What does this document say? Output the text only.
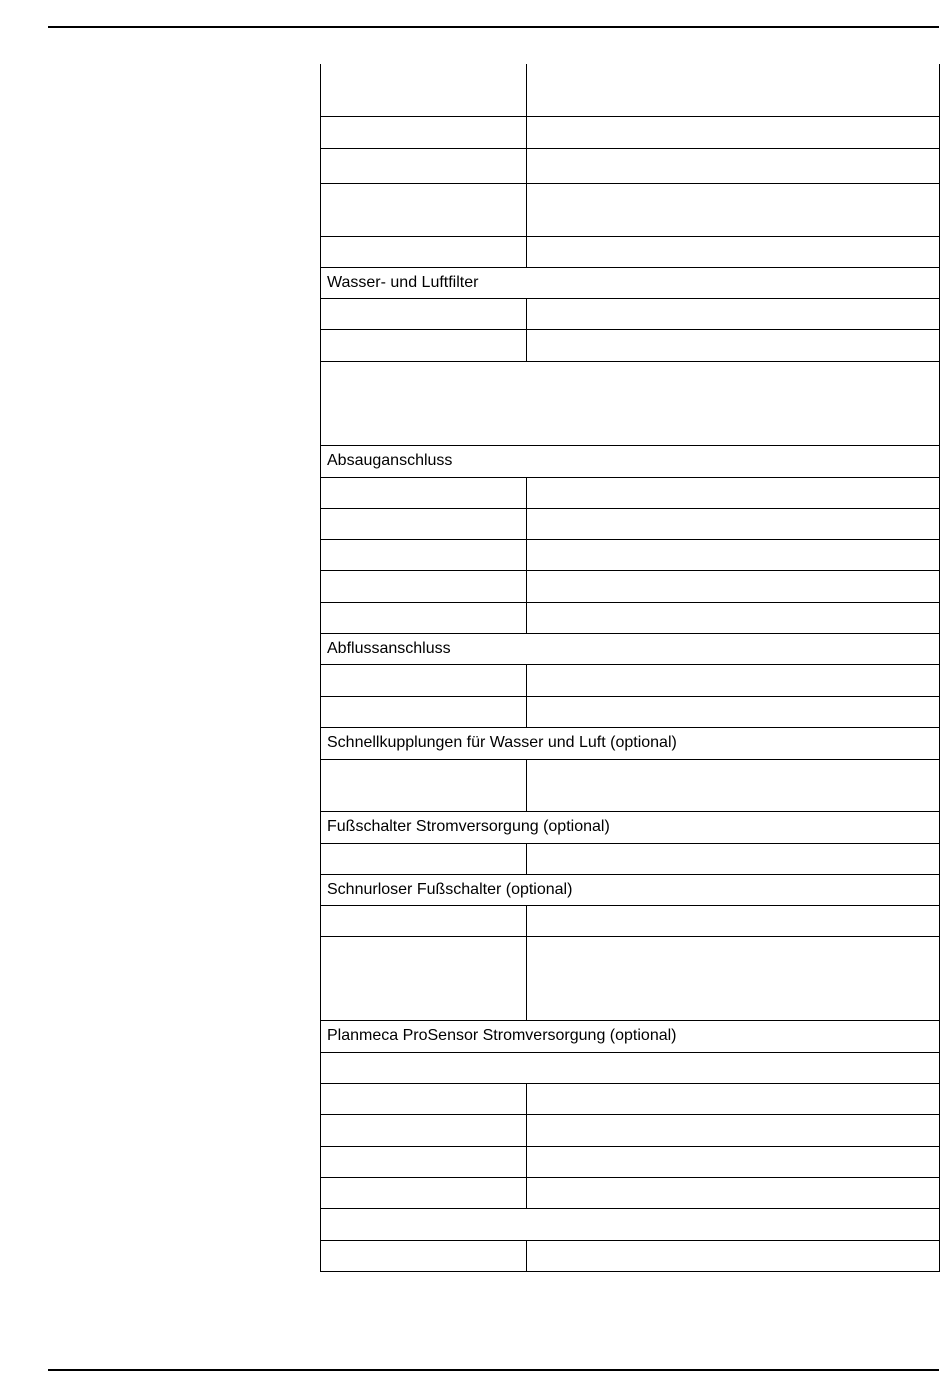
Wasser- und Luftfilter	

Absauganschluss	

Abflussanschluss	

Schnellkupplungen für Wasser und Luft (optional)	

Fußschalter Stromversorgung (optional)	

Schnurloser Fußschalter (optional)	

Planmeca ProSensor Stromversorgung (optional)	
